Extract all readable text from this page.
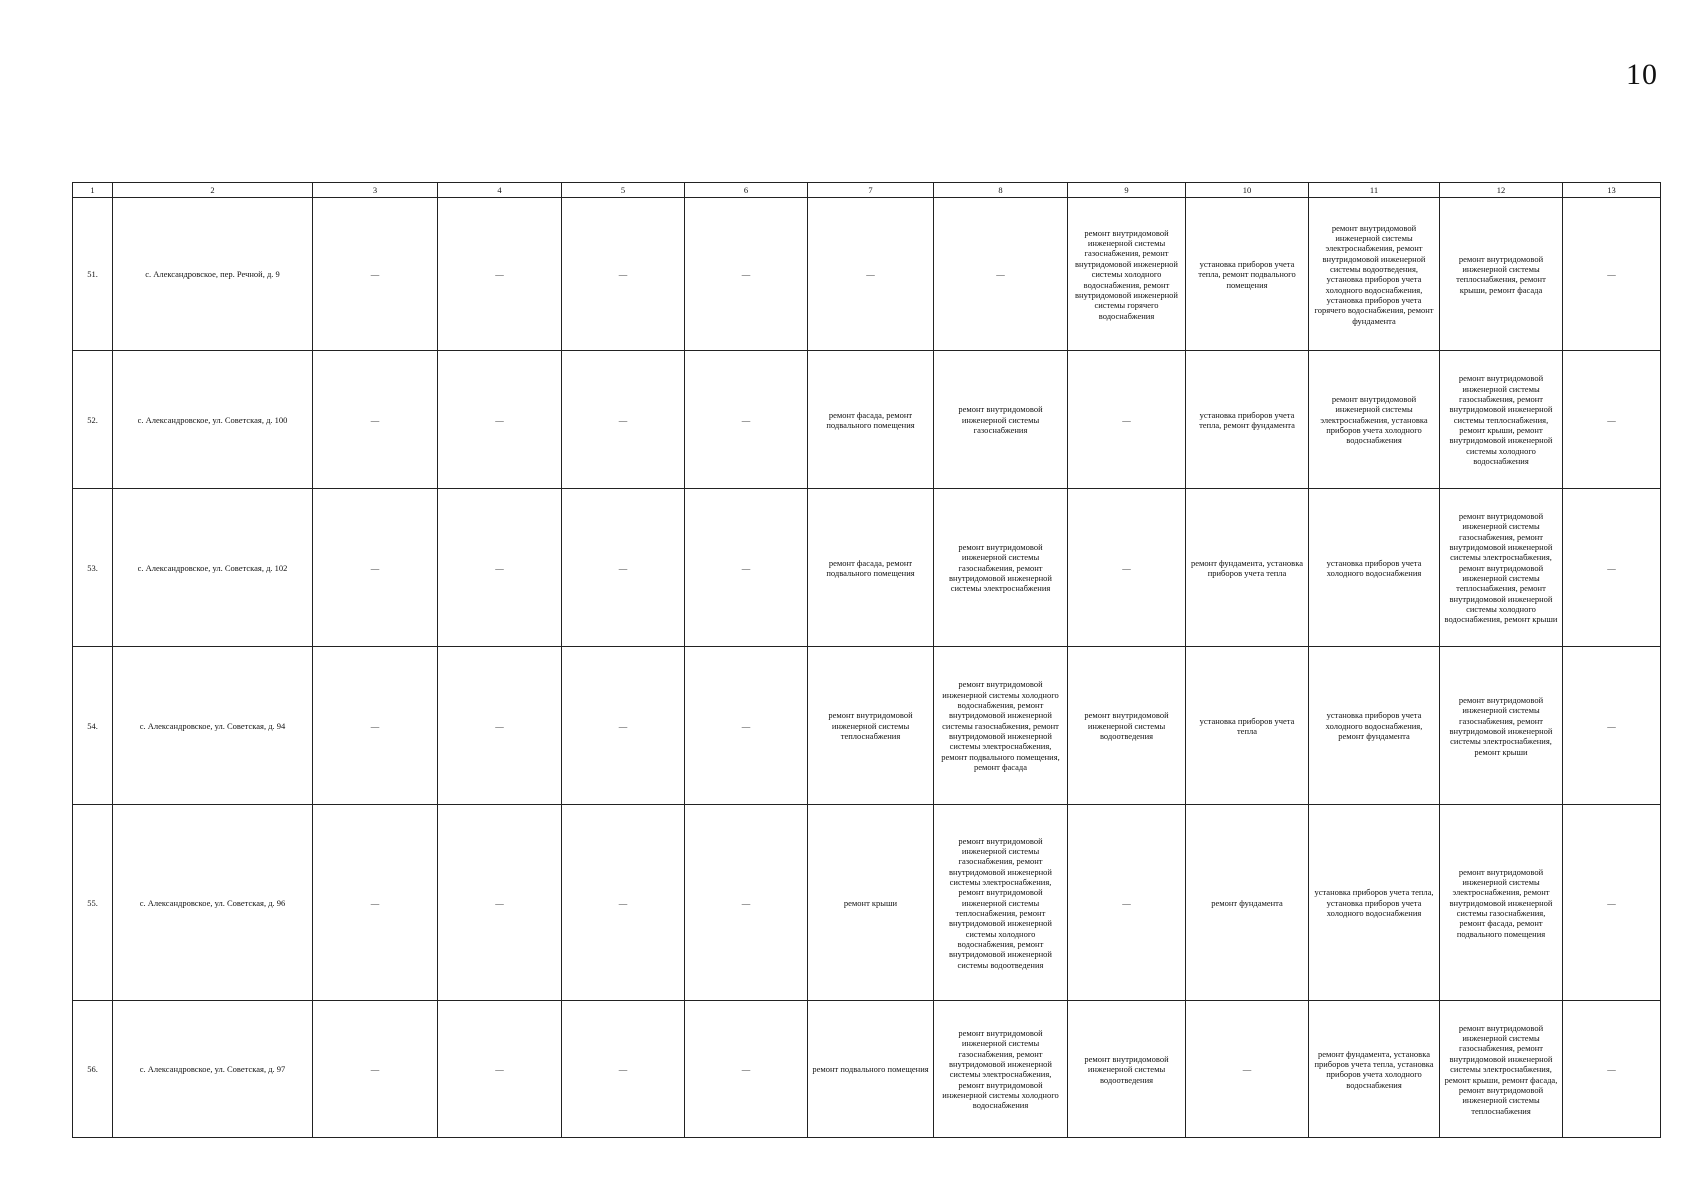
10
1	2	3	4	5	6	7	8	9	10	11	12	13
51.	с. Александровское, пер. Речной, д. 9	—	—	—	—	—	—	ремонт внутридомовой инженерной системы газоснабжения, ремонт внутридомовой инженерной системы холодного водоснабжения, ремонт внутридомовой инженерной системы горячего водоснабжения	установка приборов учета тепла, ремонт подвального помещения	ремонт внутридомовой инженерной системы электроснабжения, ремонт внутридомовой инженерной системы водоотведения, установка приборов учета холодного водоснабжения, установка приборов учета горячего водоснабжения, ремонт фундамента	ремонт внутридомовой инженерной системы теплоснабжения, ремонт крыши, ремонт фасада	—
52.	с. Александровское, ул. Советская, д. 100	—	—	—	—	ремонт фасада, ремонт подвального помещения	ремонт внутридомовой инженерной системы газоснабжения	—	установка приборов учета тепла, ремонт фундамента	ремонт внутридомовой инженерной системы электроснабжения, установка приборов учета холодного водоснабжения	ремонт внутридомовой инженерной системы газоснабжения, ремонт внутридомовой инженерной системы теплоснабжения, ремонт крыши, ремонт внутридомовой инженерной системы холодного водоснабжения	—
53.	с. Александровское, ул. Советская, д. 102	—	—	—	—	ремонт фасада, ремонт подвального помещения	ремонт внутридомовой инженерной системы газоснабжения, ремонт внутридомовой инженерной системы электроснабжения	—	ремонт фундамента, установка приборов учета тепла	установка приборов учета холодного водоснабжения	ремонт внутридомовой инженерной системы газоснабжения, ремонт внутридомовой инженерной системы электроснабжения, ремонт внутридомовой инженерной системы теплоснабжения, ремонт внутридомовой инженерной системы холодного водоснабжения, ремонт крыши	—
54.	с. Александровское, ул. Советская, д. 94	—	—	—	—	ремонт внутридомовой инженерной системы теплоснабжения	ремонт внутридомовой инженерной системы холодного водоснабжения, ремонт внутридомовой инженерной системы газоснабжения, ремонт внутридомовой инженерной системы электроснабжения, ремонт подвального помещения, ремонт фасада	ремонт внутридомовой инженерной системы водоотведения	установка приборов учета тепла	установка приборов учета холодного водоснабжения, ремонт фундамента	ремонт внутридомовой инженерной системы газоснабжения, ремонт внутридомовой инженерной системы электроснабжения, ремонт крыши	—
55.	с. Александровское, ул. Советская, д. 96	—	—	—	—	ремонт крыши	ремонт внутридомовой инженерной системы газоснабжения, ремонт внутридомовой инженерной системы электроснабжения, ремонт внутридомовой инженерной системы теплоснабжения, ремонт внутридомовой инженерной системы холодного водоснабжения, ремонт внутридомовой инженерной системы водоотведения	—	ремонт фундамента	установка приборов учета тепла, установка приборов учета холодного водоснабжения	ремонт внутридомовой инженерной системы электроснабжения, ремонт внутридомовой инженерной системы газоснабжения, ремонт фасада, ремонт подвального помещения	—
56.	с. Александровское, ул. Советская, д. 97	—	—	—	—	ремонт подвального помещения	ремонт внутридомовой инженерной системы газоснабжения, ремонт внутридомовой инженерной системы электроснабжения, ремонт внутридомовой инженерной системы холодного водоснабжения	ремонт внутридомовой инженерной системы водоотведения	—	ремонт фундамента, установка приборов учета тепла, установка приборов учета холодного водоснабжения	ремонт внутридомовой инженерной системы газоснабжения, ремонт внутридомовой инженерной системы электроснабжения, ремонт крыши, ремонт фасада, ремонт внутридомовой инженерной системы теплоснабжения	—
